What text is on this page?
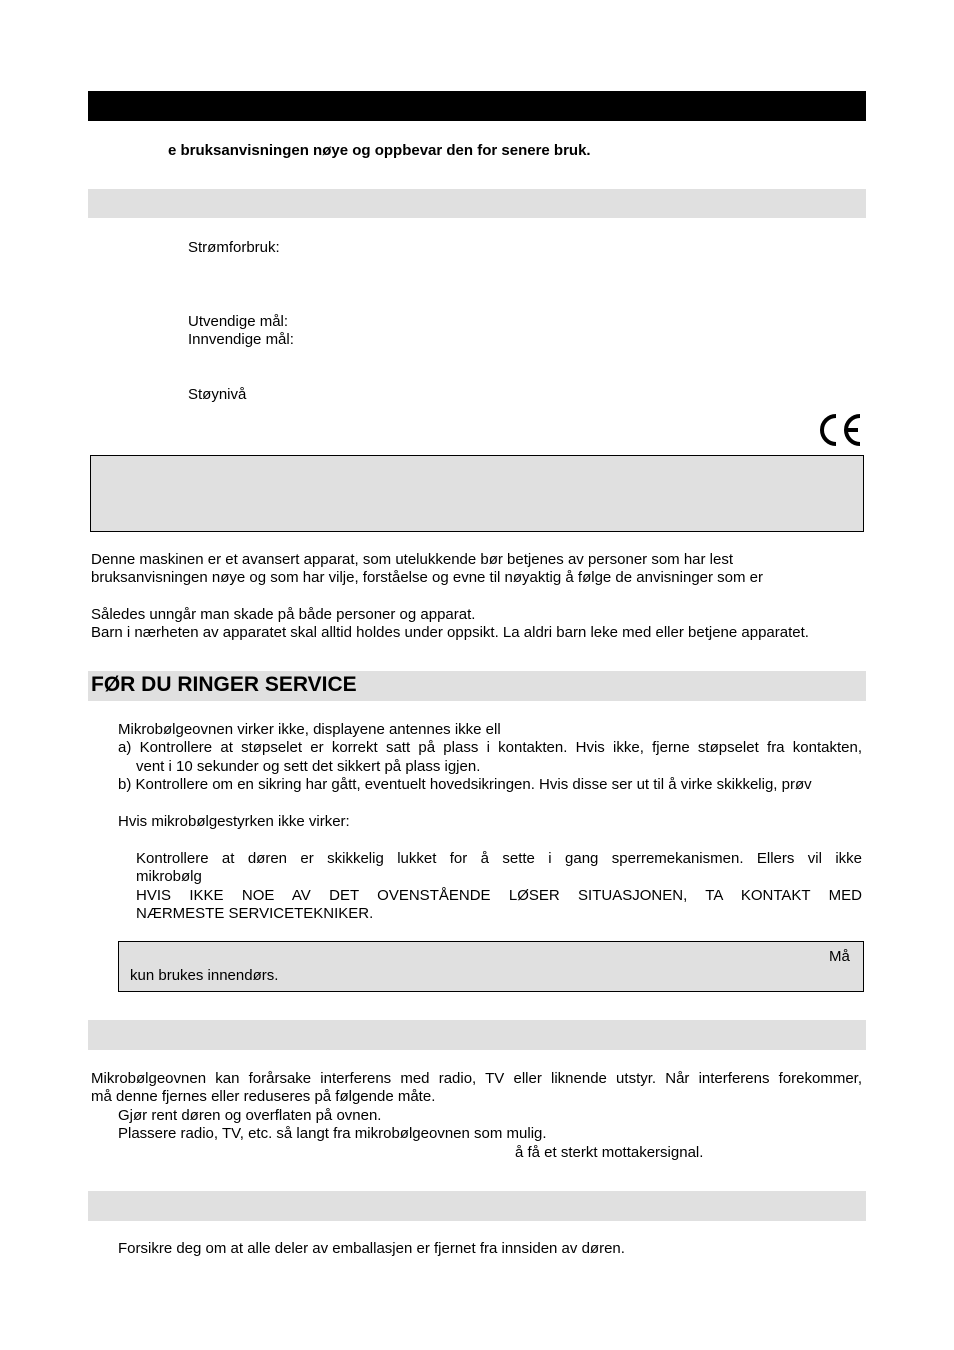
e bruksanvisningen nøye og oppbevar den for senere bruk.
Strømforbruk:
Utvendige mål:
Innvendige mål:
Støynivå
Denne maskinen er et avansert apparat, som utelukkende bør betjenes av personer som har lest
bruksanvisningen nøye og som har vilje, forståelse og evne til nøyaktig å følge de anvisninger som er
Således unngår man skade på både personer og apparat.
Barn i nærheten av apparatet skal alltid holdes under oppsikt. La aldri barn leke med eller betjene apparatet.
FØR DU RINGER SERVICE
Mikrobølgeovnen virker ikke, displayene antennes ikke ell
a) Kontrollere at støpselet er korrekt satt på plass i kontakten. Hvis ikke, fjerne støpselet fra kontakten,
vent i 10 sekunder og sett det sikkert på plass igjen.
b) Kontrollere om en sikring har gått, eventuelt hovedsikringen. Hvis disse ser ut til å virke skikkelig, prøv
Hvis mikrobølgestyrken ikke virker:
Kontrollere at døren er skikkelig lukket for å sette i gang sperremekanismen. Ellers vil ikke
mikrobølg
HVIS IKKE NOE AV DET OVENSTÅENDE LØSER SITUASJONEN, TA KONTAKT MED
NÆRMESTE SERVICETEKNIKER.
Må
kun brukes innendørs.
Mikrobølgeovnen kan forårsake interferens med radio, TV eller liknende utstyr. Når interferens forekommer,
må denne fjernes eller reduseres på følgende måte.
Gjør rent døren og overflaten på ovnen.
Plassere radio, TV, etc. så langt fra mikrobølgeovnen som mulig.
å få et sterkt mottakersignal.
Forsikre deg om at alle deler av emballasjen er fjernet fra innsiden av døren.
